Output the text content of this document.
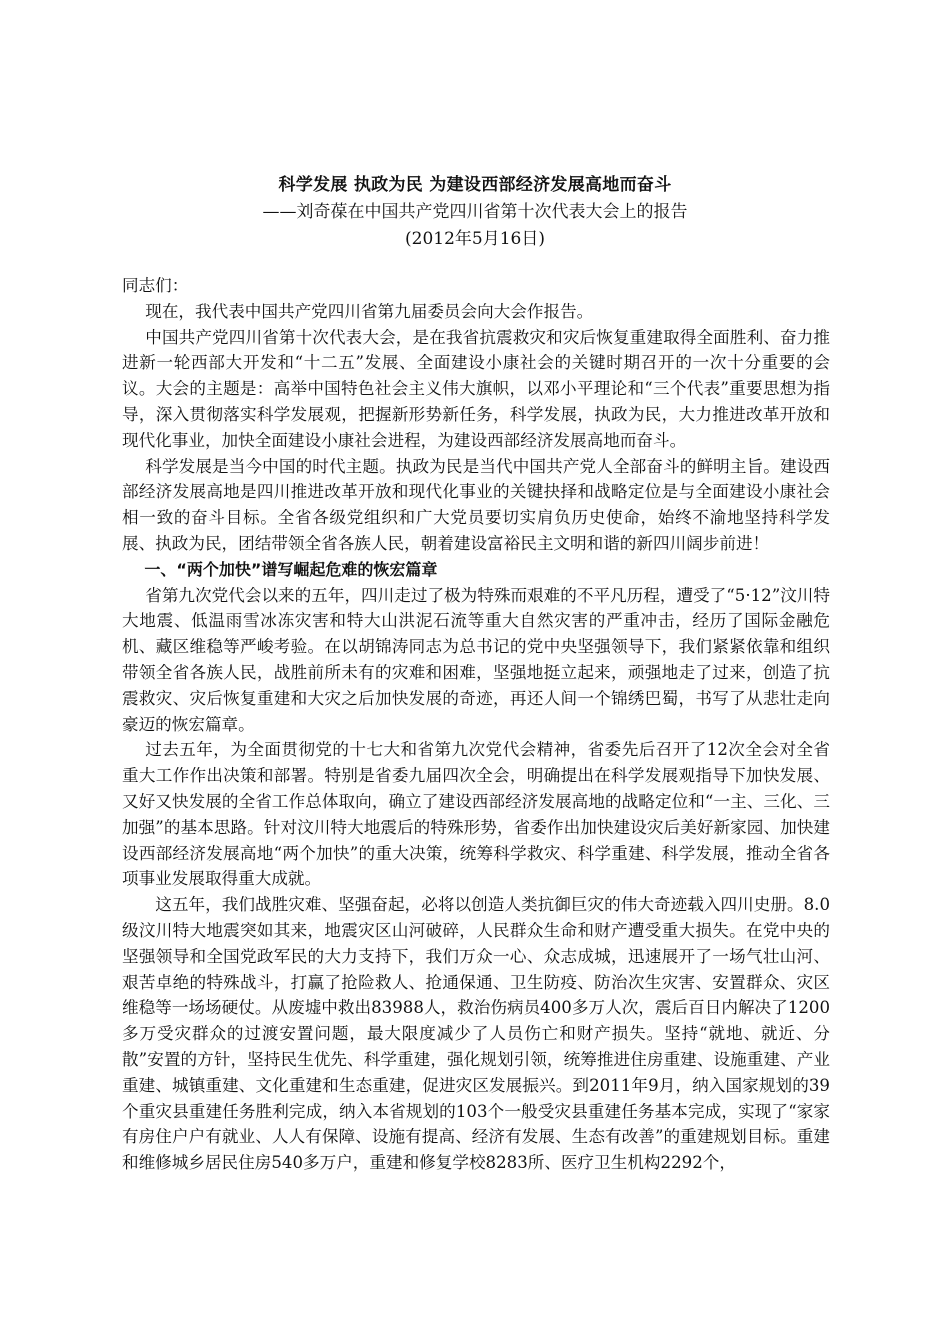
科学发展 执政为民 为建设西部经济发展高地而奋斗

——刘奇葆在中国共产党四川省第十次代表大会上的报告

(2012年5月16日)

同志们：

现在，我代表中国共产党四川省第九届委员会向大会作报告。

中国共产党四川省第十次代表大会，是在我省抗震救灾和灾后恢复重建取得全面胜利、奋力推进新一轮西部大开发和“十二五”发展、全面建设小康社会的关键时期召开的一次十分重要的会议。大会的主题是：高举中国特色社会主义伟大旗帜，以邓小平理论和“三个代表”重要思想为指导，深入贯彻落实科学发展观，把握新形势新任务，科学发展，执政为民，大力推进改革开放和现代化事业，加快全面建设小康社会进程，为建设西部经济发展高地而奋斗。

科学发展是当今中国的时代主题。执政为民是当代中国共产党人全部奋斗的鲜明主旨。建设西部经济发展高地是四川推进改革开放和现代化事业的关键抉择和战略定位是与全面建设小康社会相一致的奋斗目标。全省各级党组织和广大党员要切实肩负历史使命，始终不渝地坚持科学发展、执政为民，团结带领全省各族人民，朝着建设富裕民主文明和谐的新四川阔步前进！

一、“两个加快”谱写崛起危难的恢宏篇章

省第九次党代会以来的五年，四川走过了极为特殊而艰难的不平凡历程，遭受了“5·12”汶川特大地震、低温雨雪冰冻灾害和特大山洪泥石流等重大自然灾害的严重冲击，经历了国际金融危机、藏区维稳等严峻考验。在以胡锦涛同志为总书记的党中央坚强领导下，我们紧紧依靠和组织带领全省各族人民，战胜前所未有的灾难和困难，坚强地挺立起来，顽强地走了过来，创造了抗震救灾、灾后恢复重建和大灾之后加快发展的奇迹，再还人间一个锦绣巴蜀，书写了从悲壮走向豪迈的恢宏篇章。

过去五年，为全面贯彻党的十七大和省第九次党代会精神，省委先后召开了12次全会对全省重大工作作出决策和部署。特别是省委九届四次全会，明确提出在科学发展观指导下加快发展、又好又快发展的全省工作总体取向，确立了建设西部经济发展高地的战略定位和“一主、三化、三加强”的基本思路。针对汶川特大地震后的特殊形势，省委作出加快建设灾后美好新家园、加快建设西部经济发展高地“两个加快”的重大决策，统筹科学救灾、科学重建、科学发展，推动全省各项事业发展取得重大成就。

这五年，我们战胜灾难、坚强奋起，必将以创造人类抗御巨灾的伟大奇迹载入四川史册。8.0级汶川特大地震突如其来，地震灾区山河破碎，人民群众生命和财产遭受重大损失。在党中央的坚强领导和全国党政军民的大力支持下，我们万众一心、众志成城，迅速展开了一场气壮山河、艰苦卓绝的特殊战斗，打赢了抢险救人、抢通保通、卫生防疫、防治次生灾害、安置群众、灾区维稳等一场场硬仗。从废墟中救出83988人，救治伤病员400多万人次，震后百日内解决了1200多万受灾群众的过渡安置问题，最大限度减少了人员伤亡和财产损失。坚持“就地、就近、分散”安置的方针，坚持民生优先、科学重建，强化规划引领，统筹推进住房重建、设施重建、产业重建、城镇重建、文化重建和生态重建，促进灾区发展振兴。到2011年9月，纳入国家规划的39个重灾县重建任务胜利完成，纳入本省规划的103个一般受灾县重建任务基本完成，实现了“家家有房住户户有就业、人人有保障、设施有提高、经济有发展、生态有改善”的重建规划目标。重建和维修城乡居民住房540多万户，重建和修复学校8283所、医疗卫生机构2292个，
